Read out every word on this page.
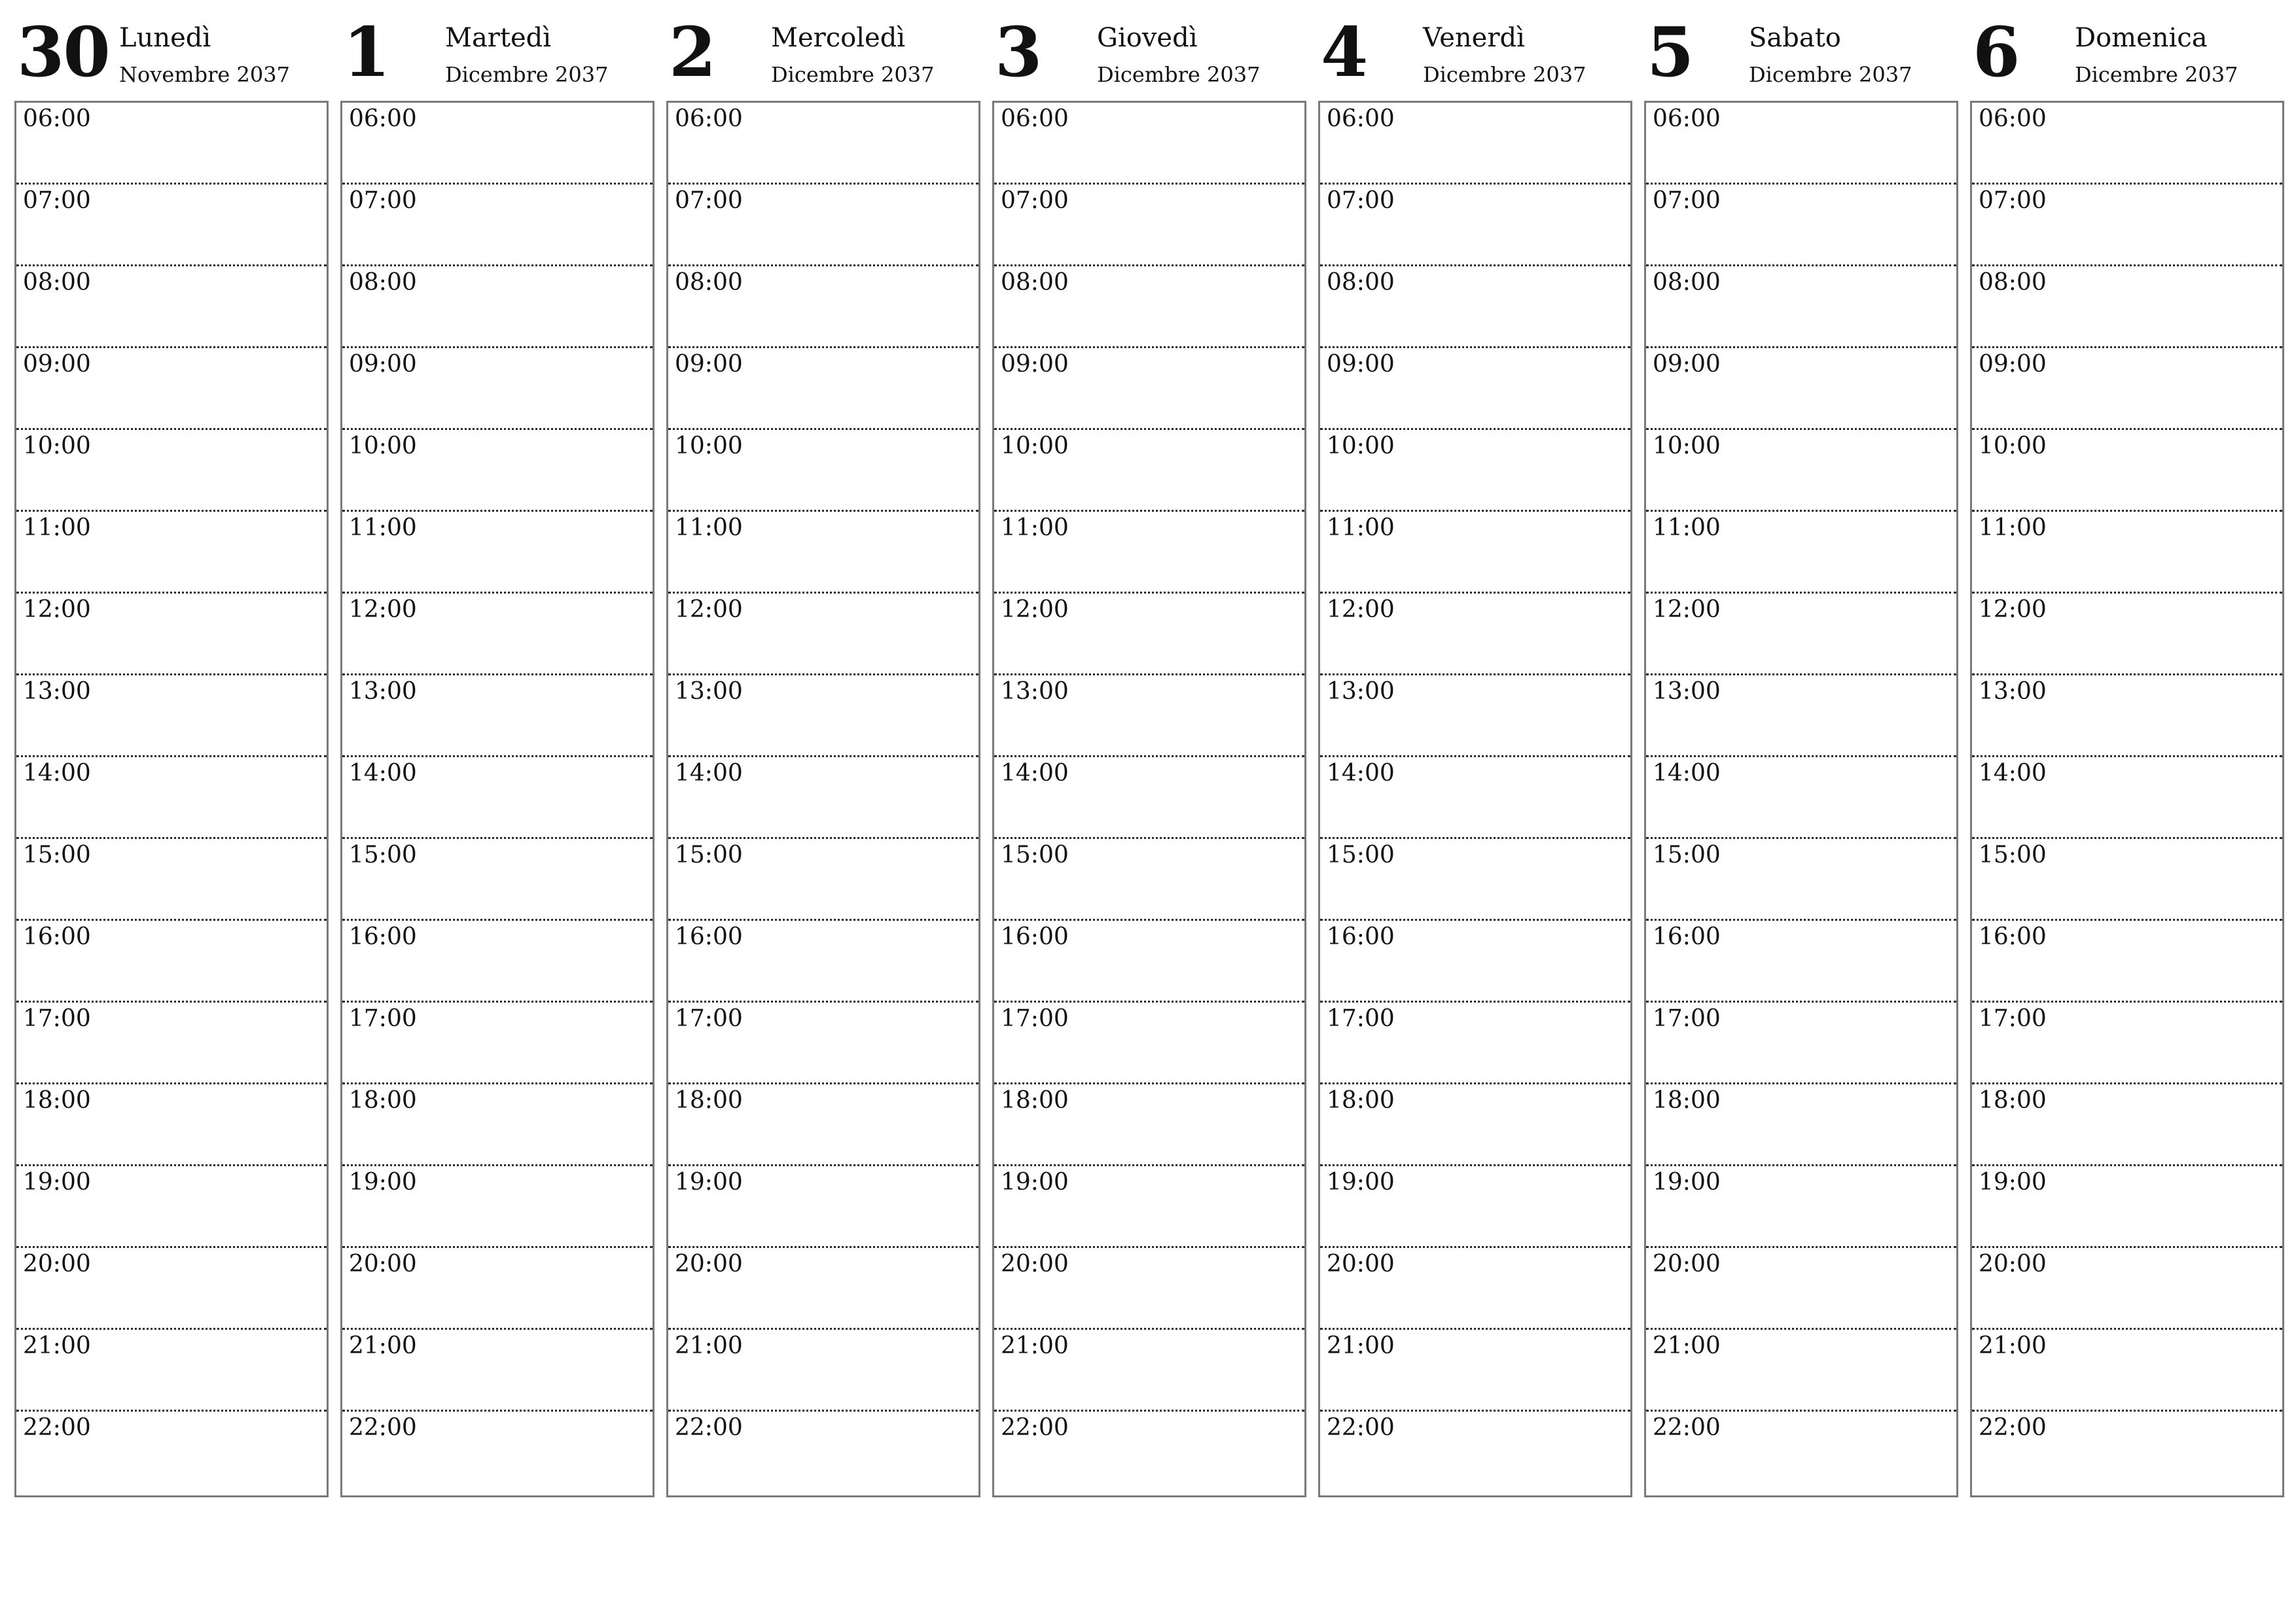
30 Lunedì
Novembre 2037
06:00
07:00
08:00
09:00
10:00
11:00
12:00
13:00
14:00
15:00
16:00
17:00
18:00
19:00
20:00
21:00
22:00
1 Martedì
Dicembre 2037
06:00
07:00
08:00
09:00
10:00
11:00
12:00
13:00
14:00
15:00
16:00
17:00
18:00
19:00
20:00
21:00
22:00
2 Mercoledì
Dicembre 2037
06:00
07:00
08:00
09:00
10:00
11:00
12:00
13:00
14:00
15:00
16:00
17:00
18:00
19:00
20:00
21:00
22:00
3 Giovedì
Dicembre 2037
06:00
07:00
08:00
09:00
10:00
11:00
12:00
13:00
14:00
15:00
16:00
17:00
18:00
19:00
20:00
21:00
22:00
4 Venerdì
Dicembre 2037
06:00
07:00
08:00
09:00
10:00
11:00
12:00
13:00
14:00
15:00
16:00
17:00
18:00
19:00
20:00
21:00
22:00
5 Sabato
Dicembre 2037
06:00
07:00
08:00
09:00
10:00
11:00
12:00
13:00
14:00
15:00
16:00
17:00
18:00
19:00
20:00
21:00
22:00
6 Domenica
Dicembre 2037
06:00
07:00
08:00
09:00
10:00
11:00
12:00
13:00
14:00
15:00
16:00
17:00
18:00
19:00
20:00
21:00
22:00
